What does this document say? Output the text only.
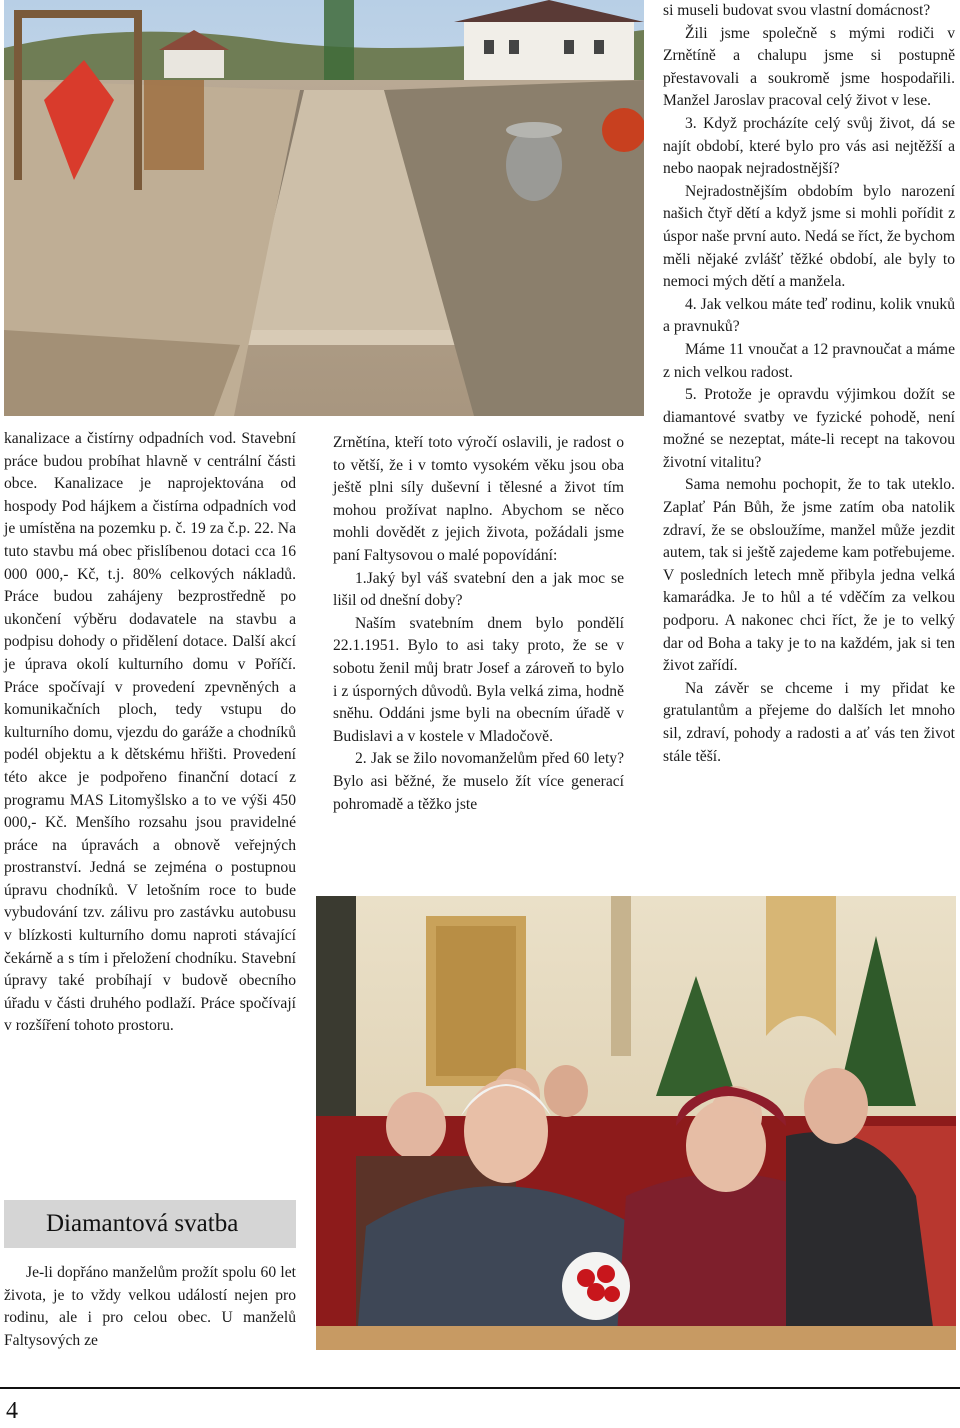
kanalizace a čistírny odpadních vod. Stavební práce budou probíhat hlavně v centrální části obce. Kanalizace je naprojektována od hospody Pod hájkem a čistírna odpadních vod je umístěna na pozemku p. č. 19 za č.p. 22. Na tuto stavbu má obec přislíbenou dotaci cca 16 000 000,- Kč, t.j. 80% celkových nákladů. Práce budou zahájeny bezprostředně po ukončení výběru dodavatele na stavbu a podpisu dohody o přidělení dotace. Další akcí je úprava okolí kulturního domu v Poříčí. Práce spočívají v provedení zpevněných a komunikačních ploch, tedy vstupu do kulturního domu, vjezdu do garáže a chodníků podél objektu a k dětskému hřišti. Provedení této akce je podpořeno finanční dotací z programu MAS Litomyšlsko a to ve výši 450 000,- Kč. Menšího rozsahu jsou pravidelné práce na úpravách a obnově veřejných prostranství. Jedná se zejména o postupnou úpravu chodníků. V letošním roce to bude vybudování tzv. zálivu pro zastávku autobusu v blízkosti kulturního domu naproti stávající čekárně a s tím i přeložení chodníku. Stavební úpravy také probíhají v budově obecního úřadu v části druhého podlaží. Práce spočívají v rozšíření tohoto prostoru.

Diamantová svatba

Je-li dopřáno manželům prožít spolu 60 let života, je to vždy velkou událostí nejen pro rodinu, ale i pro celou obec. U manželů Faltysových ze

Zrnětína, kteří toto výročí oslavili, je radost o to větší, že i v tomto vysokém věku jsou oba ještě plni síly duševní i tělesné a život tím mohou prožívat naplno. Abychom se něco mohli dovědět z jejich života, požádali jsme paní Faltysovou o malé popovídání:

1.Jaký byl váš svatební den a jak moc se lišil od dnešní doby?

Naším svatebním dnem bylo pondělí 22.1.1951. Bylo to asi taky proto, že se v sobotu ženil můj bratr Josef a zároveň to bylo i z úsporných důvodů. Byla velká zima, hodně sněhu. Oddáni jsme byli na obecním úřadě v Budislavi a v kostele v Mladočově.

2. Jak se žilo novomanželům před 60 lety? Bylo asi běžné, že muselo žít více generací pohromadě a těžko jste

si museli budovat svou vlastní domácnost?

Žili jsme společně s mými rodiči v Zrnětíně a chalupu jsme si postupně přestavovali a soukromě jsme hospodařili. Manžel Jaroslav pracoval celý život v lese.

3. Když procházíte celý svůj život, dá se najít období, které bylo pro vás asi nejtěžší a nebo naopak nejradostnější?

Nejradostnějším obdobím bylo narození našich čtyř dětí a když jsme si mohli pořídit z úspor naše první auto. Nedá se říct, že bychom měli nějaké zvlášť těžké období, ale byly to nemoci mých dětí a manžela.

4. Jak velkou máte teď rodinu, kolik vnuků a pravnuků?

Máme 11 vnoučat a 12 pravnoučat a máme z nich velkou radost.

5. Protože je opravdu výjimkou dožít se diamantové svatby ve fyzické pohodě, není možné se nezeptat, máte-li recept na takovou životní vitalitu?

Sama nemohu pochopit, že to tak uteklo. Zaplať Pán Bůh, že jsme zatím oba natolik zdraví, že se obsloužíme, manžel může jezdit autem, tak si ještě zajedeme kam potřebujeme. V posledních letech mně přibyla jedna velká kamarádka. Je to hůl a té vděčím za velkou podporu. A nakonec chci říct, že je to velký dar od Boha a taky je to na každém, jak si ten život zařídí.

Na závěr se chceme i my přidat ke gratulantům a přejeme do dalších let mnoho sil, zdraví, pohody a radosti a ať vás ten život stále těší.

4
